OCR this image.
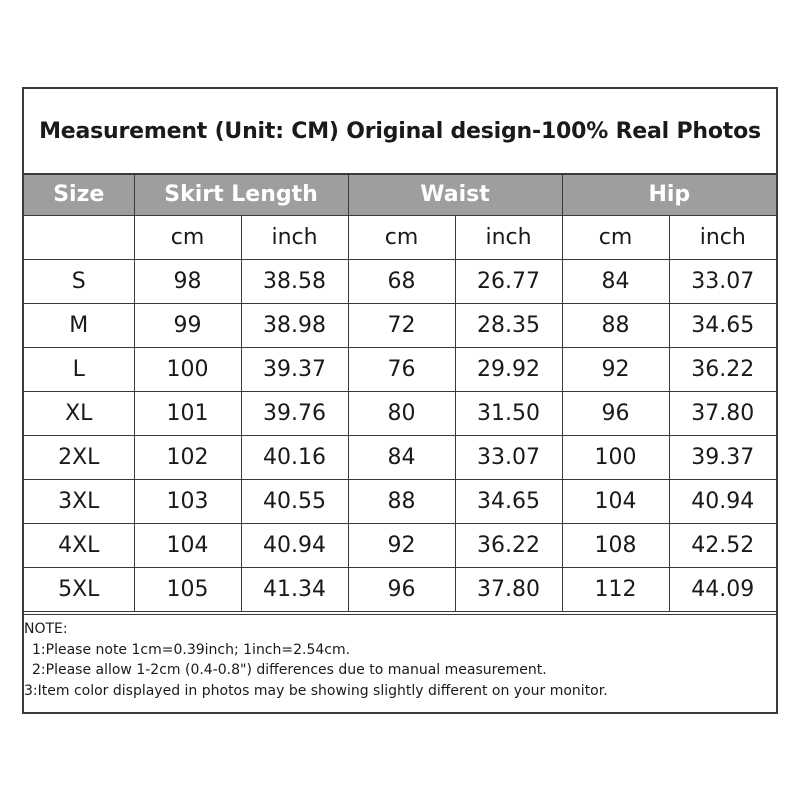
Measurement (Unit: CM) Original design-100% Real Photos
Size	Skirt Length		Waist		Hip	
	cm	inch	cm	inch	cm	inch
S	98	38.58	68	26.77	84	33.07
M	99	38.98	72	28.35	88	34.65
L	100	39.37	76	29.92	92	36.22
XL	101	39.76	80	31.50	96	37.80
2XL	102	40.16	84	33.07	100	39.37
3XL	103	40.55	88	34.65	104	40.94
4XL	104	40.94	92	36.22	108	42.52
5XL	105	41.34	96	37.80	112	44.09
NOTE:
1:Please note 1cm=0.39inch; 1inch=2.54cm.
2:Please allow 1-2cm (0.4-0.8") differences due to manual measurement.
3:Item color displayed in photos may be showing slightly different on your monitor.
